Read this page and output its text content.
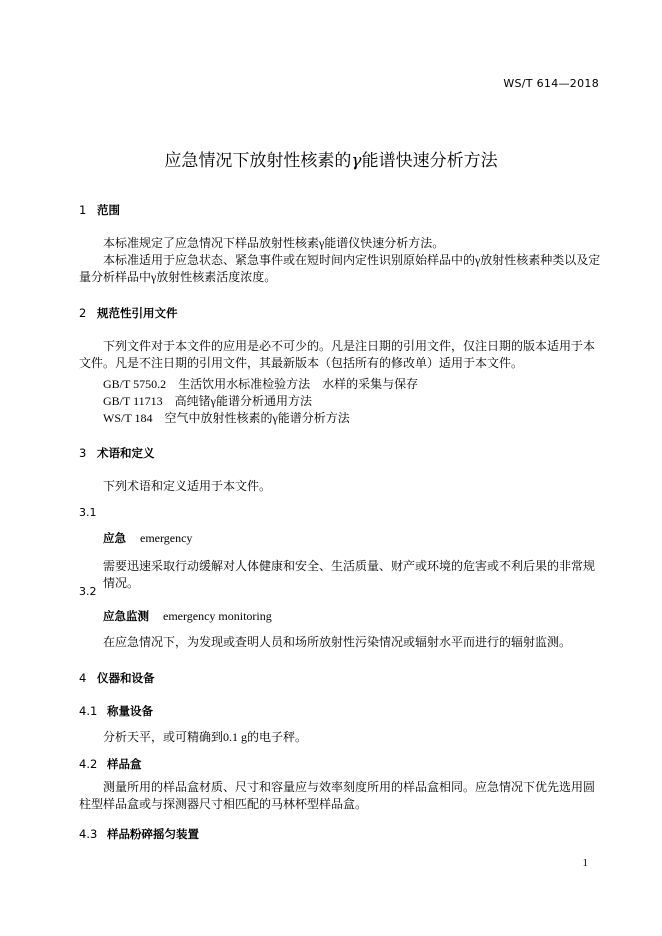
WS/T 614—2018
应急情况下放射性核素的γ能谱快速分析方法
1 范围
本标准规定了应急情况下样品放射性核素γ能谱仪快速分析方法。
本标准适用于应急状态、紧急事件或在短时间内定性识别原始样品中的γ放射性核素种类以及定量分析样品中γ放射性核素活度浓度。
2 规范性引用文件
下列文件对于本文件的应用是必不可少的。凡是注日期的引用文件，仅注日期的版本适用于本文件。凡是不注日期的引用文件，其最新版本（包括所有的修改单）适用于本文件。
GB/T 5750.2 生活饮用水标准检验方法　水样的采集与保存
GB/T 11713 高纯锗γ能谱分析通用方法
WS/T 184 空气中放射性核素的γ能谱分析方法
3 术语和定义
下列术语和定义适用于本文件。
3.1
应急 emergency
需要迅速采取行动缓解对人体健康和安全、生活质量、财产或环境的危害或不利后果的非常规情况。
3.2
应急监测 emergency monitoring
在应急情况下，为发现或查明人员和场所放射性污染情况或辐射水平而进行的辐射监测。
4 仪器和设备
4.1 称量设备
分析天平，或可精确到0.1 g的电子秤。
4.2 样品盒
测量所用的样品盒材质、尺寸和容量应与效率刻度所用的样品盒相同。应急情况下优先选用圆柱型样品盒或与探测器尺寸相匹配的马林杯型样品盒。
4.3 样品粉碎摇匀装置
1
